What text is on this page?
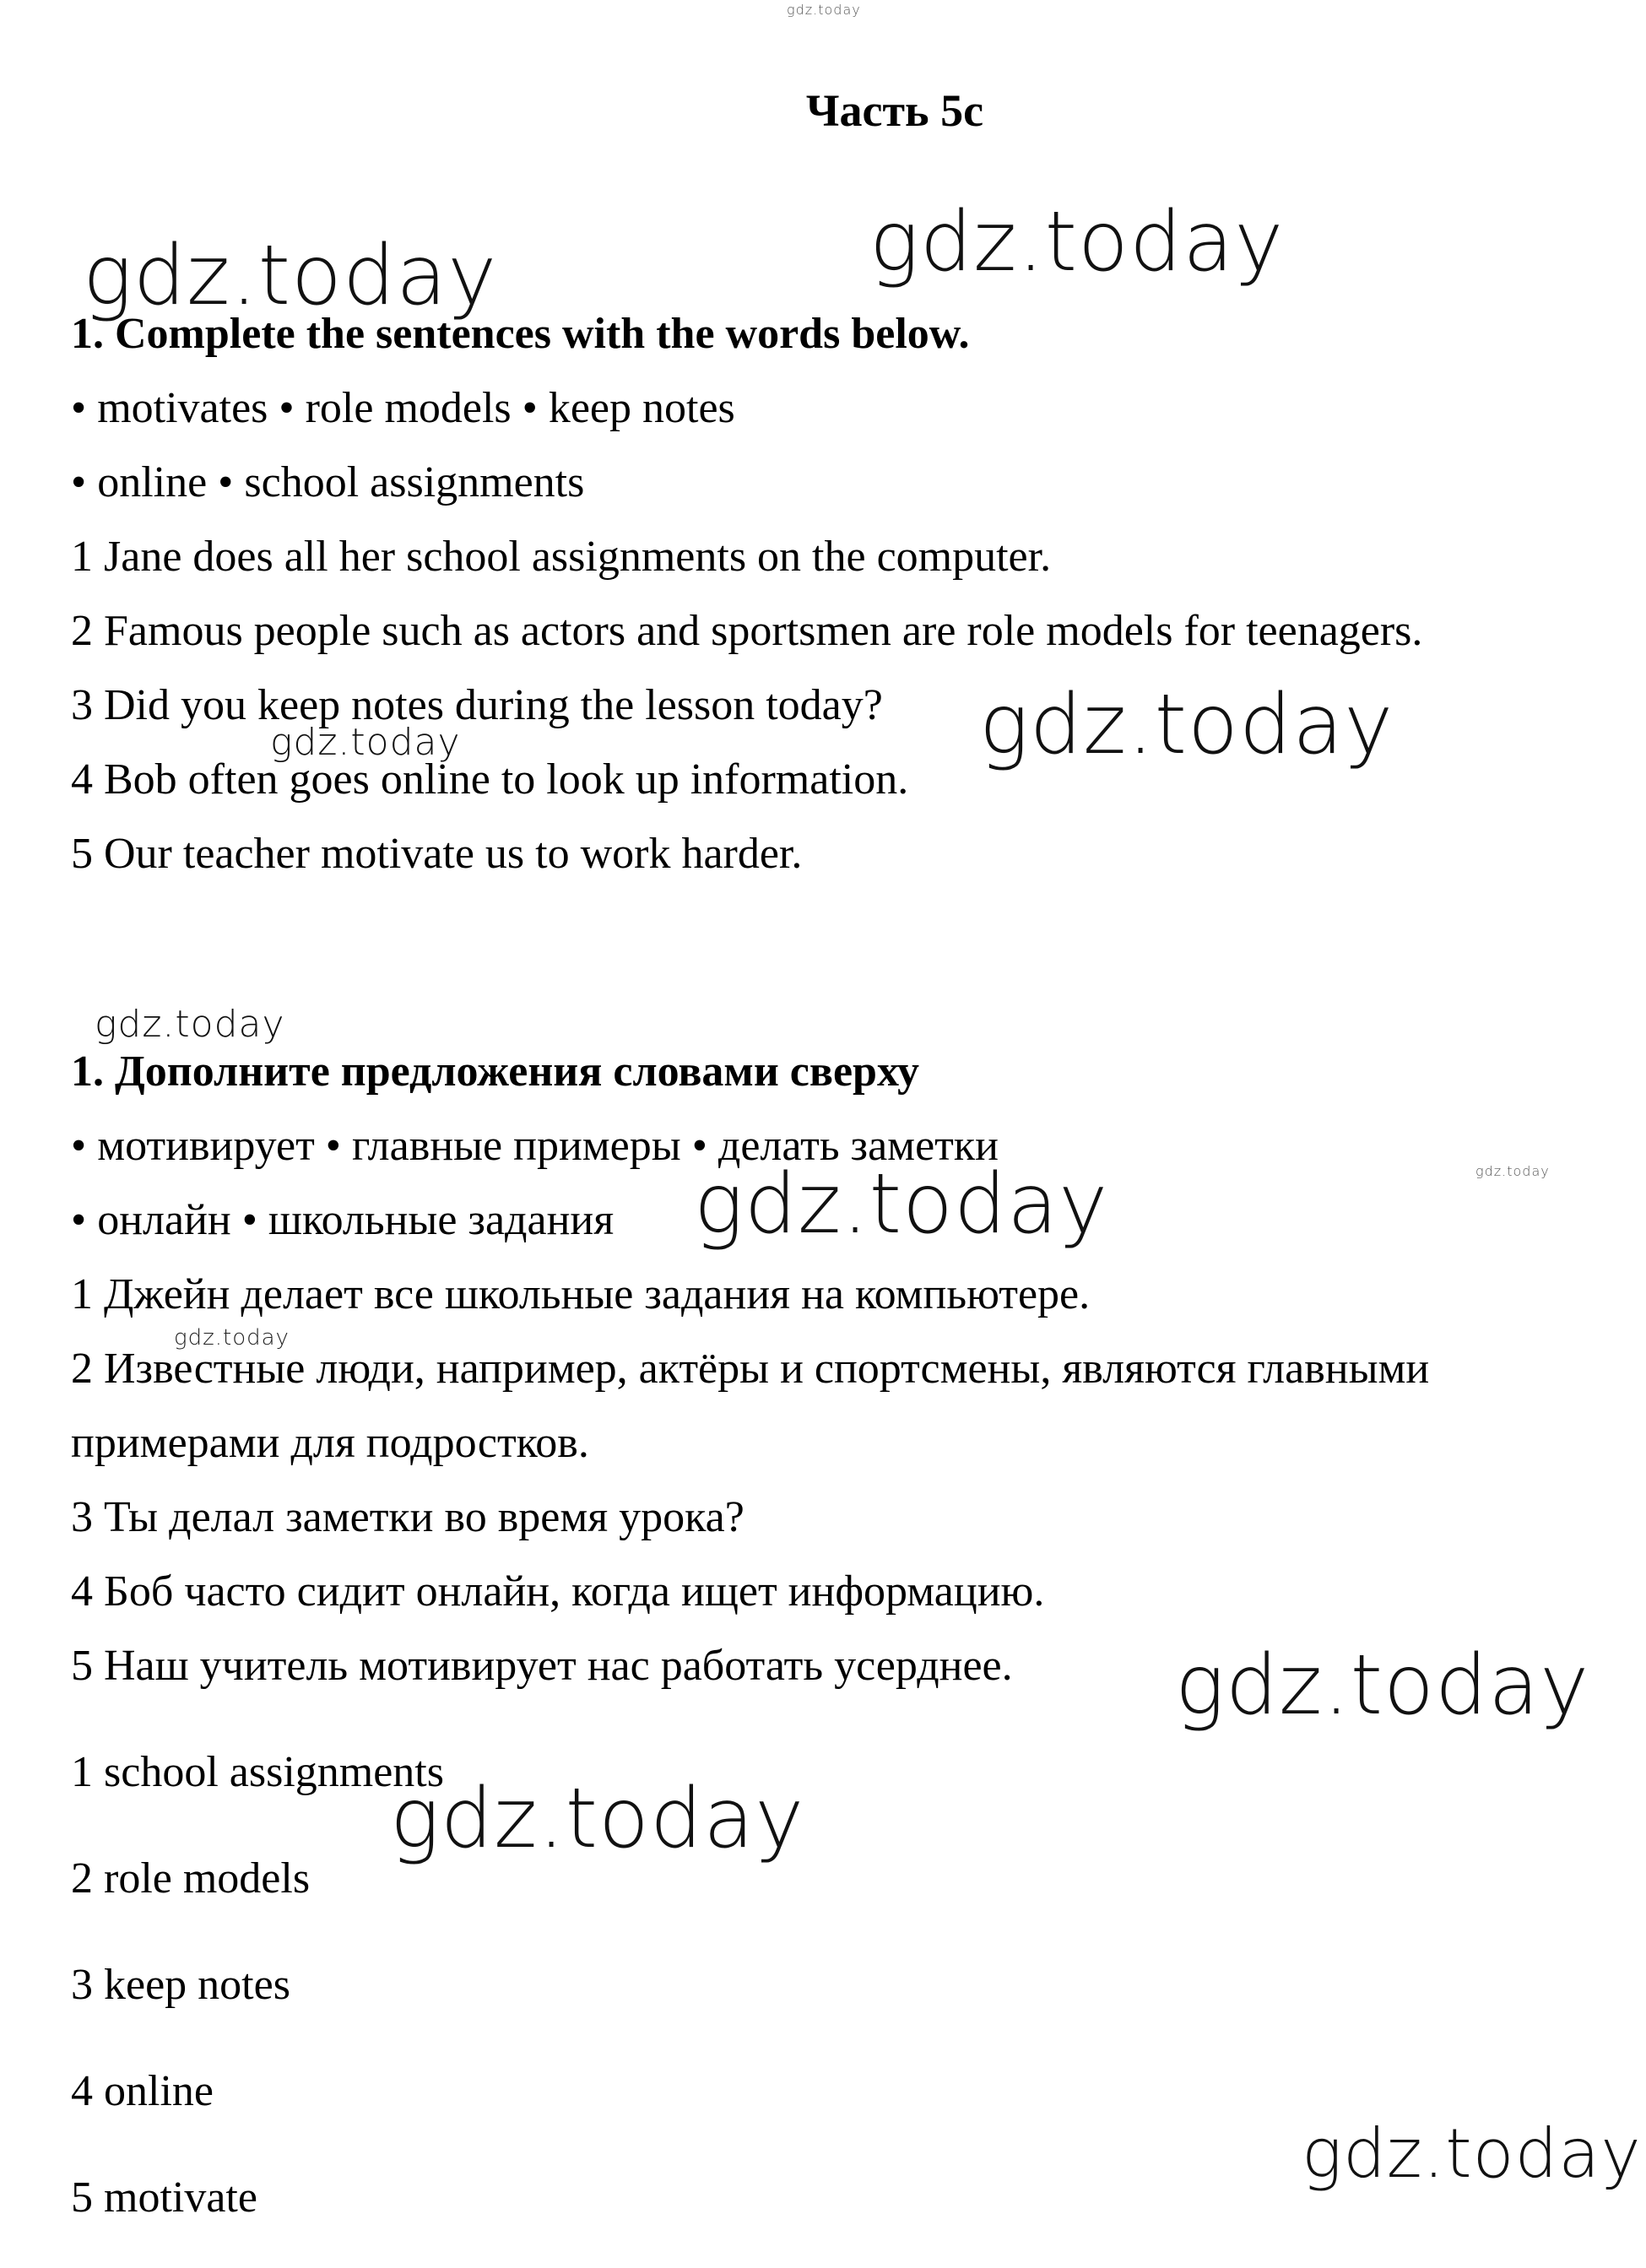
Часть 5с
1. Complete the sentences with the words below.
• motivates • role models • keep notes
• online • school assignments
1 Jane does all her school assignments on the computer.
2 Famous people such as actors and sportsmen are role models for teenagers.
3 Did you keep notes during the lesson today?
4 Bob often goes online to look up information.
5 Our teacher motivate us to work harder.
1. Дополните предложения словами сверху
• мотивирует • главные примеры • делать заметки
• онлайн • школьные задания
1 Джейн делает все школьные задания на компьютере.
2 Известные люди, например, актёры и спортсмены, являются главными
примерами для подростков.
3 Ты делал заметки во время урока?
4 Боб часто сидит онлайн, когда ищет информацию.
5 Наш учитель мотивирует нас работать усерднее.
1 school assignments
2 role models
3 keep notes
4 online
5 motivate
gdz.today
gdz.today
gdz.today
gdz.today
gdz.today
gdz.today
gdz.today
gdz.today
gdz.today
gdz.today
gdz.today
gdz.today
